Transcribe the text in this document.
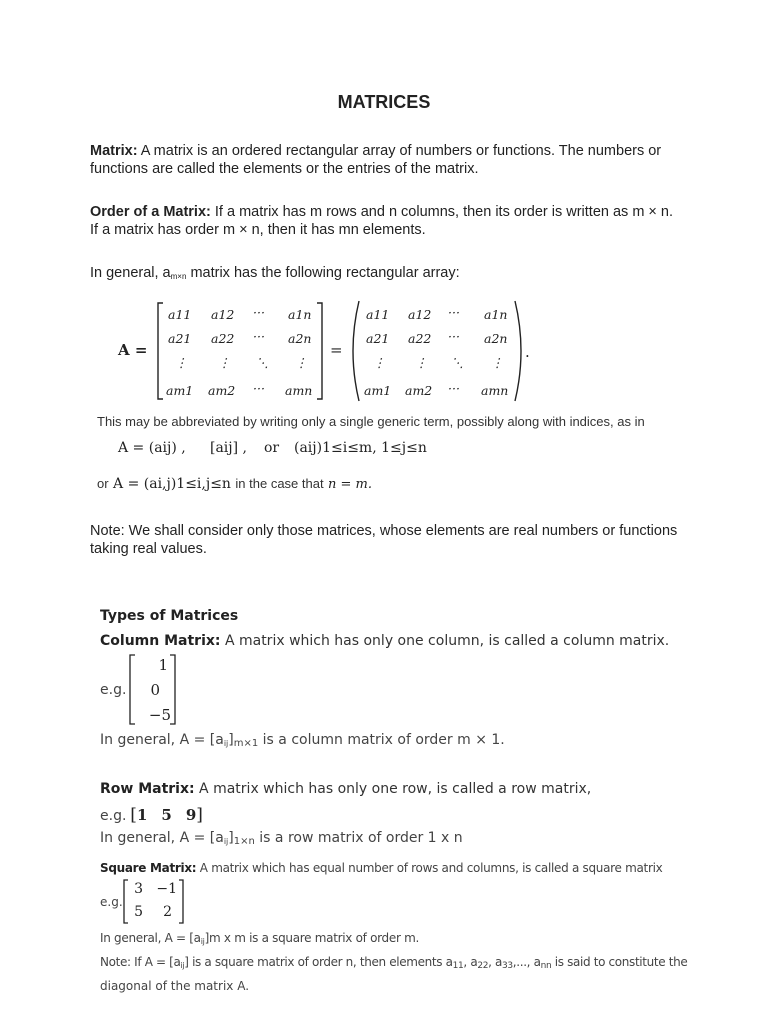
MATRICES
Matrix: A matrix is an ordered rectangular array of numbers or functions. The numbers or functions are called the elements or the entries of the matrix.
Order of a Matrix: If a matrix has m rows and n columns, then its order is written as m × n. If a matrix has order m × n, then it has mn elements.
In general, $a_{m\times n}$ matrix has the following rectangular array:
A =	=	.
a11 a12 ··· a1n
a21 a22 ··· a2n
⋮ ⋮ ⋱ ⋮
am1 am2 ··· amn
a11 a12 ··· a1n
a21 a22 ··· a2n
⋮ ⋮ ⋱ ⋮
am1 am2 ··· amn
This may be abbreviated by writing only a single generic term, possibly along with indices, as in
A = (aij) , [aij] , or (aij)1≤i≤m, 1≤j≤n
or A = (ai,j)1≤i,j≤n in the case that n = m.
Note: We shall consider only those matrices, whose elements are real numbers or functions taking real values.
Types of Matrices
Column Matrix: A matrix which has only one column, is called a column matrix.
e.g.
1
0
−5
In general, $A = [a_{ij}]_{m\times 1}$ is a column matrix of order m × 1.
Row Matrix: A matrix which has only one row, is called a row matrix,
e.g. [1 5 9]
In general, $A = [a_{ij}]_{1\times n}$ is a row matrix of order 1 x n
Square Matrix: A matrix which has equal number of rows and columns, is called a square matrix
e.g.
3 −1
5	2
In general, $A = [a_{ij}]m$ x m is a square matrix of order m.
Note: If $A = [a_{ij}]$ is a square matrix of order n, then elements $a_{11}$, $a_{22}$, $a_{33}$,..., $a_{nn}$ is said to constitute the
diagonal of the matrix A.
